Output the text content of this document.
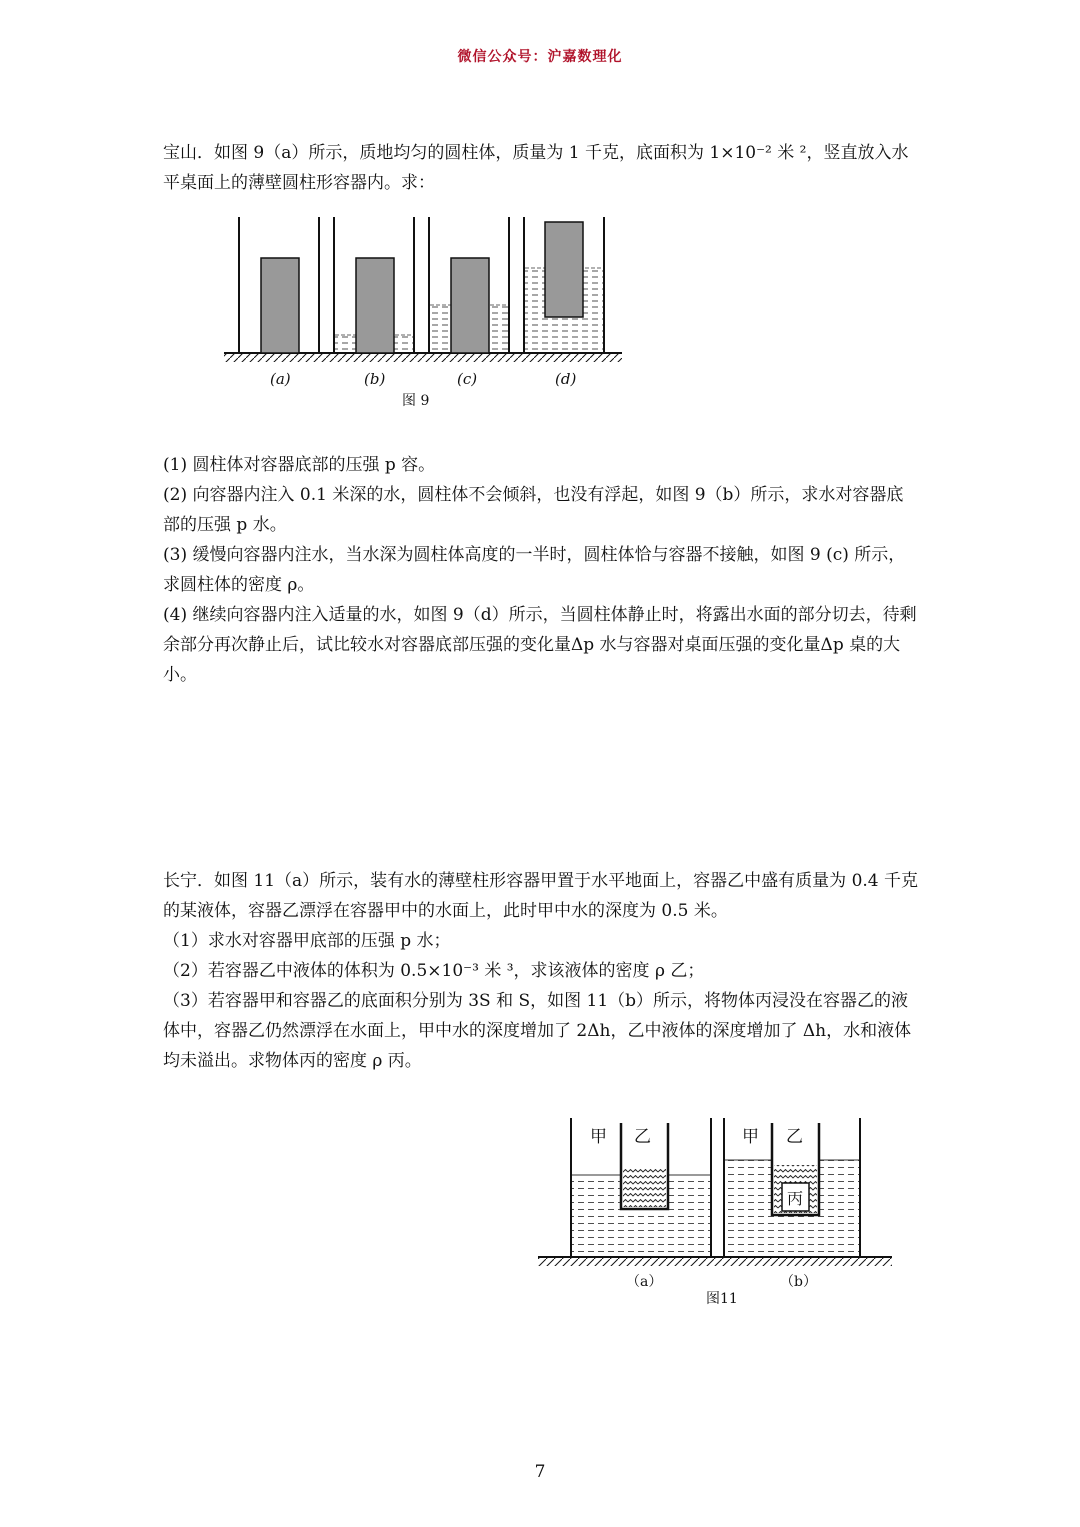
微信公众号：沪嘉数理化

宝山．如图 9（a）所示，质地均匀的圆柱体，质量为 1 千克，底面积为 1×10⁻² 米 ²，竖直放入水平桌面上的薄壁圆柱形容器内。求：

(a)	(b)	(c)	(d)
图 9

(1) 圆柱体对容器底部的压强 p 容。

(2) 向容器内注入 0.1 米深的水，圆柱体不会倾斜，也没有浮起，如图 9（b）所示，求水对容器底部的压强 p 水。

(3) 缓慢向容器内注水，当水深为圆柱体高度的一半时，圆柱体恰与容器不接触，如图 9 (c) 所示，求圆柱体的密度 ρ。

(4) 继续向容器内注入适量的水，如图 9（d）所示，当圆柱体静止时，将露出水面的部分切去，待剩余部分再次静止后，试比较水对容器底部压强的变化量Δp 水与容器对桌面压强的变化量Δp 桌的大小。

长宁．如图 11（a）所示，装有水的薄壁柱形容器甲置于水平地面上，容器乙中盛有质量为 0.4 千克的某液体，容器乙漂浮在容器甲中的水面上，此时甲中水的深度为 0.5 米。

（1）求水对容器甲底部的压强 p 水；

（2）若容器乙中液体的体积为 0.5×10⁻³ 米 ³，求该液体的密度 ρ 乙；

（3）若容器甲和容器乙的底面积分别为 3S 和 S，如图 11（b）所示，将物体丙浸没在容器乙的液体中，容器乙仍然漂浮在水面上，甲中水的深度增加了 2Δh，乙中液体的深度增加了 Δh，水和液体均未溢出。求物体丙的密度 ρ 丙。

甲 乙	甲 乙
丙
（a）	（b）
图11
7
